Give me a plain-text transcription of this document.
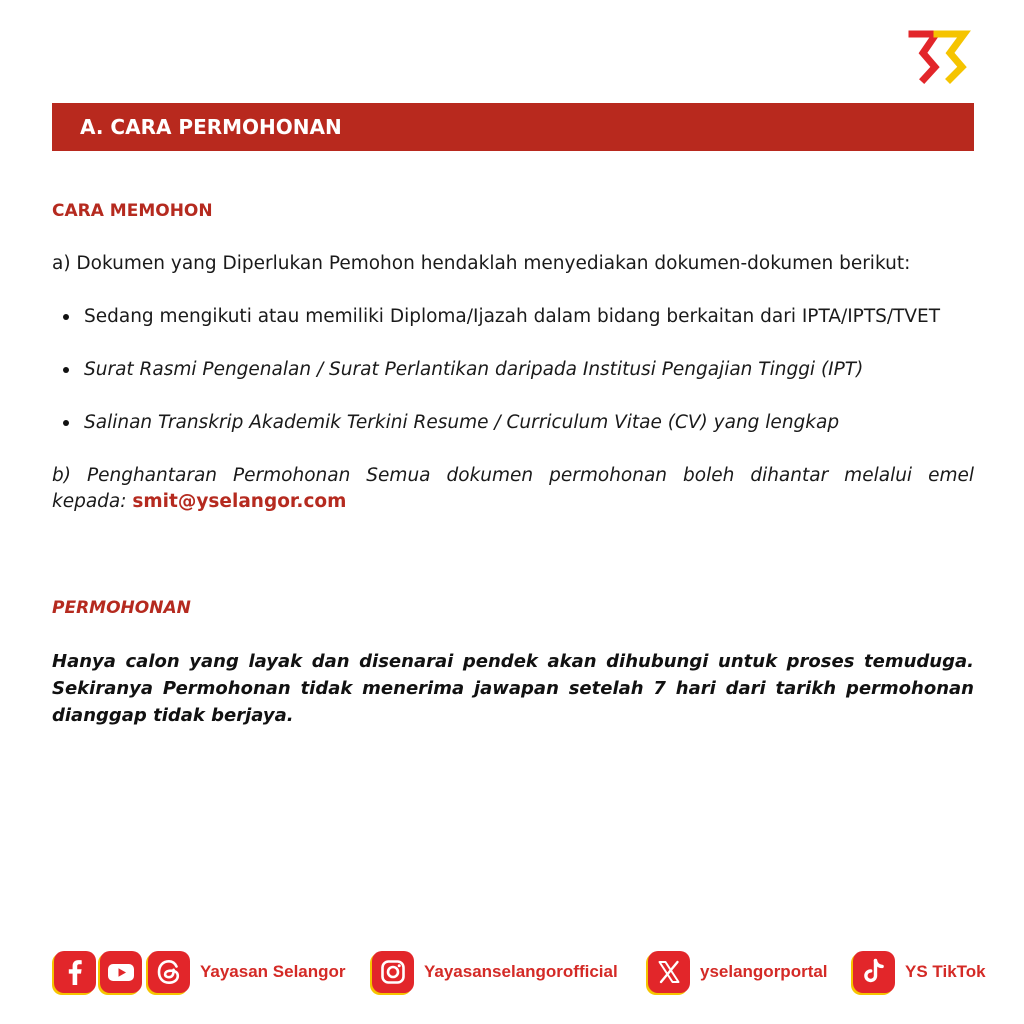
A. CARA PERMOHONAN
CARA MEMOHON
a) Dokumen yang Diperlukan Pemohon hendaklah menyediakan dokumen-dokumen berikut:
Sedang mengikuti atau memiliki Diploma/Ijazah dalam bidang berkaitan dari IPTA/IPTS/TVET
Surat Rasmi Pengenalan / Surat Perlantikan daripada Institusi Pengajian Tinggi (IPT)
Salinan Transkrip Akademik Terkini Resume / Curriculum Vitae (CV) yang lengkap
b) Penghantaran Permohonan Semua dokumen permohonan boleh dihantar melalui emel
kepada: smit@yselangor.com
PERMOHONAN
Hanya calon yang layak dan disenarai pendek akan dihubungi untuk proses temuduga.
Sekiranya Permohonan tidak menerima jawapan setelah 7 hari dari tarikh permohonan
dianggap tidak berjaya.
Yayasan Selangor	Yayasanselangorofficial	yselangorportal	YS TikTok
